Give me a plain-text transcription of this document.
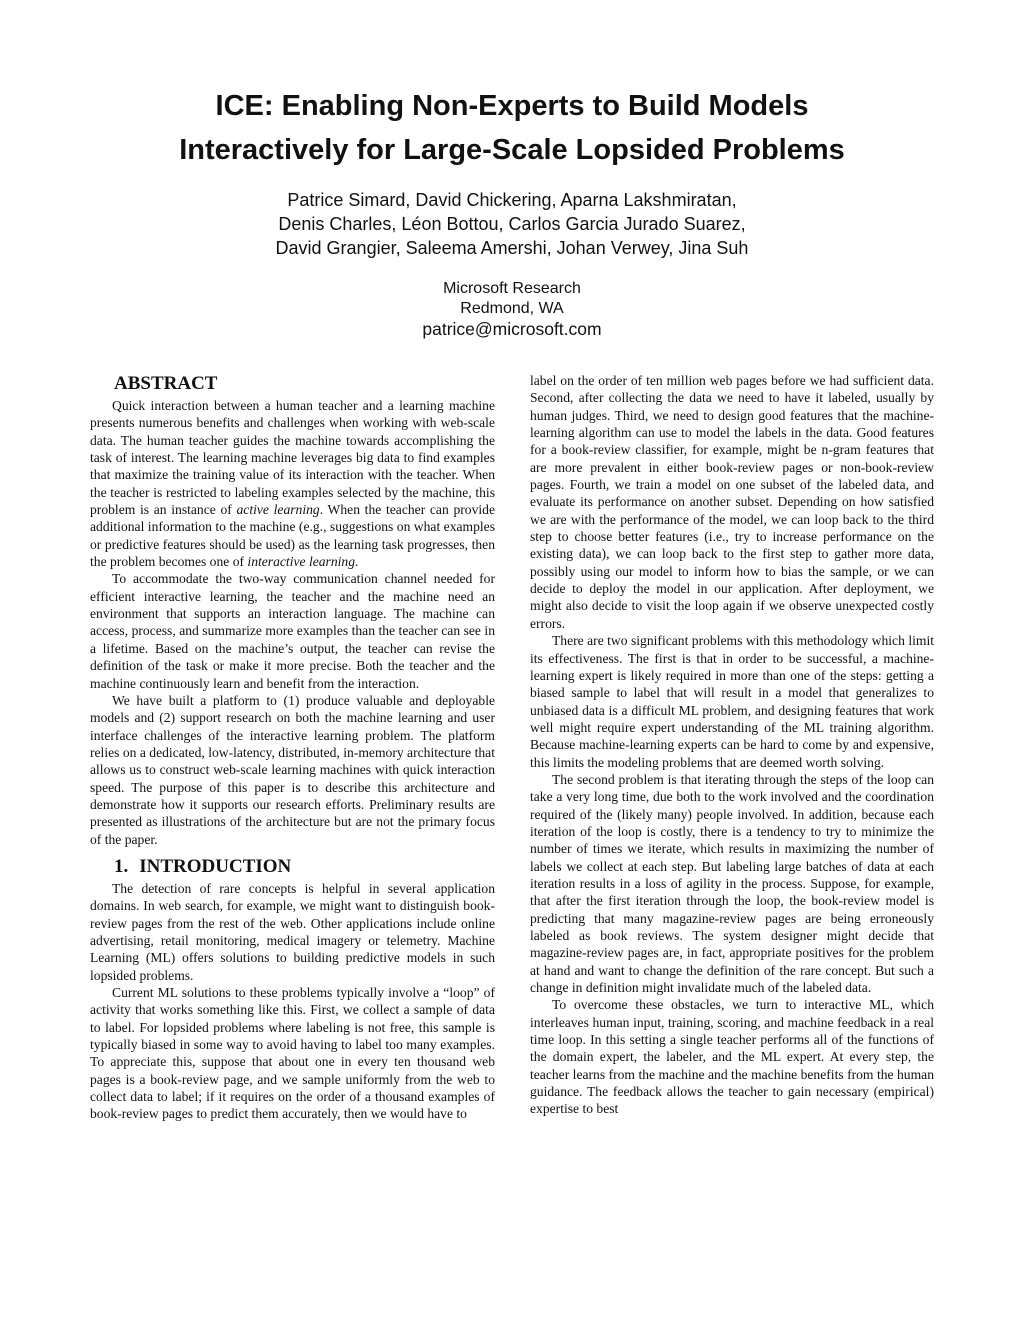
ICE: Enabling Non-Experts to Build Models
Interactively for Large-Scale Lopsided Problems
Patrice Simard, David Chickering, Aparna Lakshmiratan,
Denis Charles, Léon Bottou, Carlos Garcia Jurado Suarez,
David Grangier, Saleema Amershi, Johan Verwey, Jina Suh
Microsoft Research
Redmond, WA
patrice@microsoft.com
ABSTRACT

Quick interaction between a human teacher and a learning machine presents numerous benefits and challenges when working with web-scale data. The human teacher guides the machine towards accomplishing the task of interest. The learning machine leverages big data to find examples that maximize the training value of its interaction with the teacher. When the teacher is restricted to labeling examples selected by the machine, this problem is an instance of active learning. When the teacher can provide additional information to the machine (e.g., suggestions on what examples or predictive features should be used) as the learning task progresses, then the problem becomes one of interactive learning.

To accommodate the two-way communication channel needed for efficient interactive learning, the teacher and the machine need an environment that supports an interaction language. The machine can access, process, and summarize more examples than the teacher can see in a lifetime. Based on the machine’s output, the teacher can revise the definition of the task or make it more precise. Both the teacher and the machine continuously learn and benefit from the interaction.

We have built a platform to (1) produce valuable and deployable models and (2) support research on both the machine learning and user interface challenges of the interactive learning problem. The platform relies on a dedicated, low-latency, distributed, in-memory architecture that allows us to construct web-scale learning machines with quick interaction speed. The purpose of this paper is to describe this architecture and demonstrate how it supports our research efforts. Preliminary results are presented as illustrations of the architecture but are not the primary focus of the paper.

1. INTRODUCTION

The detection of rare concepts is helpful in several application domains. In web search, for example, we might want to distinguish book-review pages from the rest of the web. Other applications include online advertising, retail monitoring, medical imagery or telemetry. Machine Learning (ML) offers solutions to building predictive models in such lopsided problems.

Current ML solutions to these problems typically involve a “loop” of activity that works something like this. First, we collect a sample of data to label. For lopsided problems where labeling is not free, this sample is typically biased in some way to avoid having to label too many examples. To appreciate this, suppose that about one in every ten thousand web pages is a book-review page, and we sample uniformly from the web to collect data to label; if it requires on the order of a thousand examples of book-review pages to predict them accurately, then we would have to

label on the order of ten million web pages before we had sufficient data. Second, after collecting the data we need to have it labeled, usually by human judges. Third, we need to design good features that the machine-learning algorithm can use to model the labels in the data. Good features for a book-review classifier, for example, might be n-gram features that are more prevalent in either book-review pages or non-book-review pages. Fourth, we train a model on one subset of the labeled data, and evaluate its performance on another subset. Depending on how satisfied we are with the performance of the model, we can loop back to the third step to choose better features (i.e., try to increase performance on the existing data), we can loop back to the first step to gather more data, possibly using our model to inform how to bias the sample, or we can decide to deploy the model in our application. After deployment, we might also decide to visit the loop again if we observe unexpected costly errors.

There are two significant problems with this methodology which limit its effectiveness. The first is that in order to be successful, a machine-learning expert is likely required in more than one of the steps: getting a biased sample to label that will result in a model that generalizes to unbiased data is a difficult ML problem, and designing features that work well might require expert understanding of the ML training algorithm. Because machine-learning experts can be hard to come by and expensive, this limits the modeling problems that are deemed worth solving.

The second problem is that iterating through the steps of the loop can take a very long time, due both to the work involved and the coordination required of the (likely many) people involved. In addition, because each iteration of the loop is costly, there is a tendency to try to minimize the number of times we iterate, which results in maximizing the number of labels we collect at each step. But labeling large batches of data at each iteration results in a loss of agility in the process. Suppose, for example, that after the first iteration through the loop, the book-review model is predicting that many magazine-review pages are being erroneously labeled as book reviews. The system designer might decide that magazine-review pages are, in fact, appropriate positives for the problem at hand and want to change the definition of the rare concept. But such a change in definition might invalidate much of the labeled data.

To overcome these obstacles, we turn to interactive ML, which interleaves human input, training, scoring, and machine feedback in a real time loop. In this setting a single teacher performs all of the functions of the domain expert, the labeler, and the ML expert. At every step, the teacher learns from the machine and the machine benefits from the human guidance. The feedback allows the teacher to gain necessary (empirical) expertise to best
